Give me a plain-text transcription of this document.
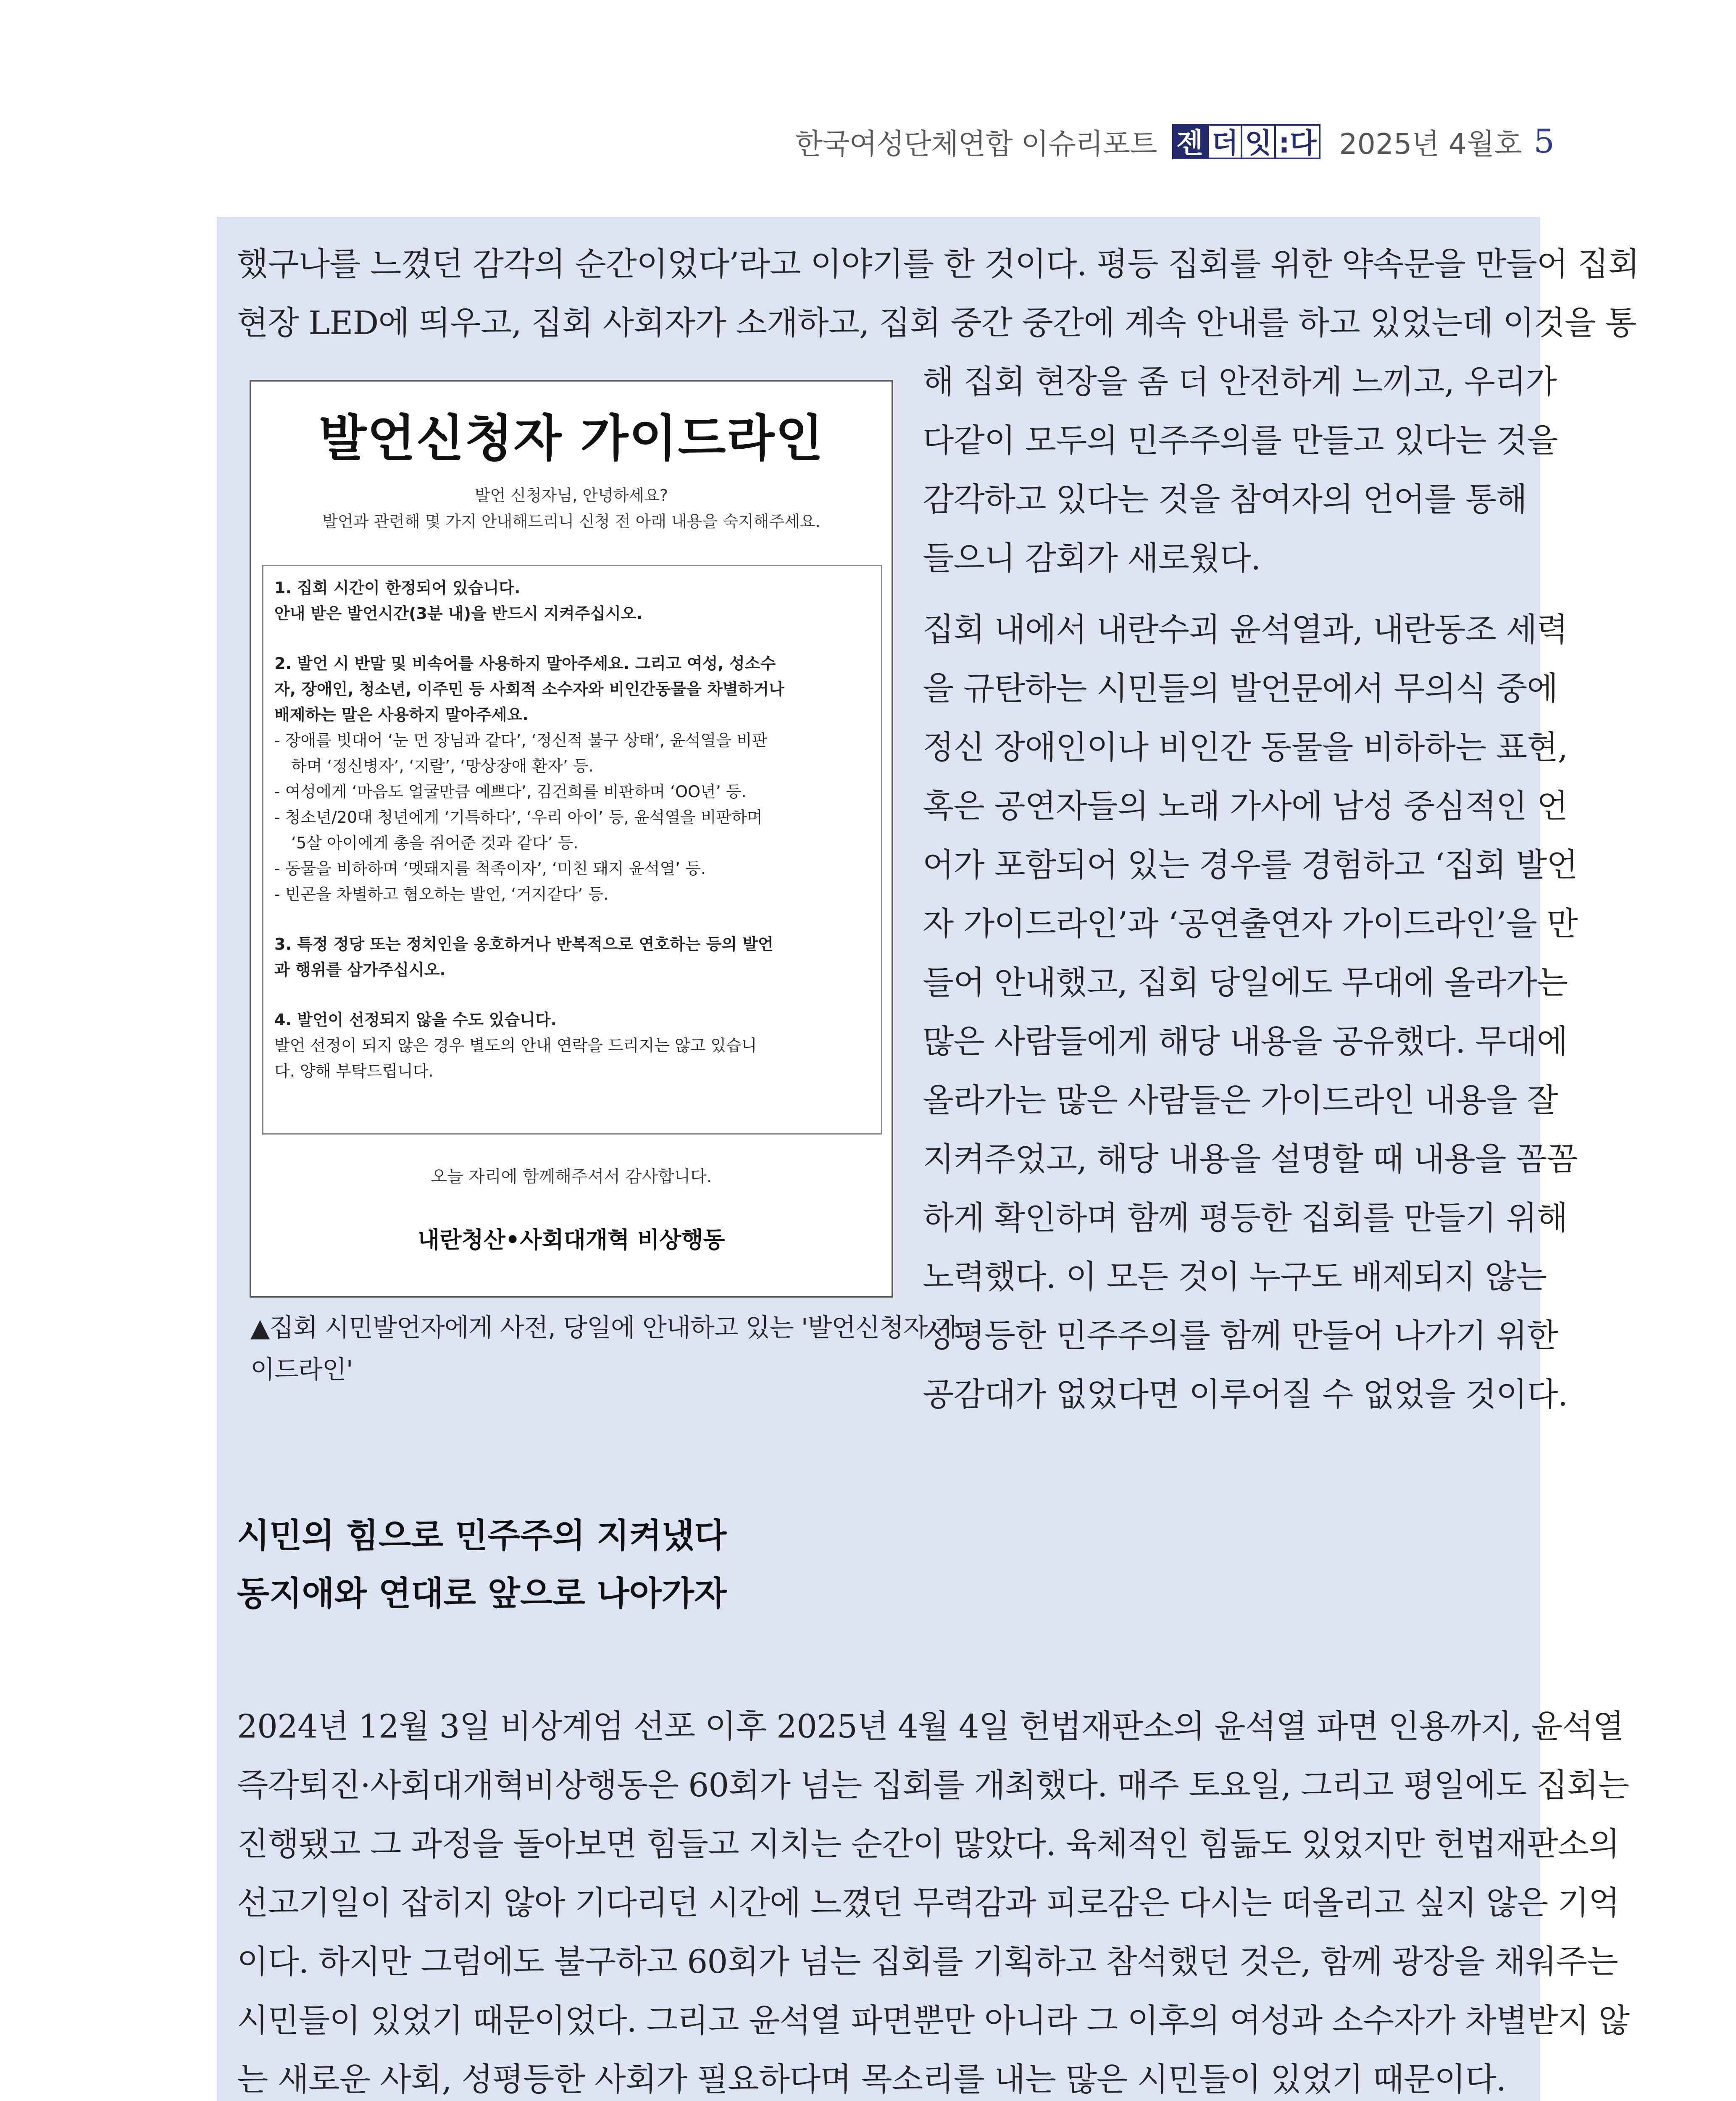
한국여성단체연합 이슈리포트 젠 더 잇 :다 2025년 4월호 5
했구나를 느꼈던 감각의 순간이었다’라고 이야기를 한 것이다. 평등 집회를 위한 약속문을 만들어 집회
현장 LED에 띄우고, 집회 사회자가 소개하고, 집회 중간 중간에 계속 안내를 하고 있었는데 이것을 통
해 집회 현장을 좀 더 안전하게 느끼고, 우리가
다같이 모두의 민주주의를 만들고 있다는 것을
감각하고 있다는 것을 참여자의 언어를 통해
들으니 감회가 새로웠다.
집회 내에서 내란수괴 윤석열과, 내란동조 세력
을 규탄하는 시민들의 발언문에서 무의식 중에
정신 장애인이나 비인간 동물을 비하하는 표현,
혹은 공연자들의 노래 가사에 남성 중심적인 언
어가 포함되어 있는 경우를 경험하고 ‘집회 발언
자 가이드라인’과 ‘공연출연자 가이드라인’을 만
들어 안내했고, 집회 당일에도 무대에 올라가는
많은 사람들에게 해당 내용을 공유했다. 무대에
올라가는 많은 사람들은 가이드라인 내용을 잘
지켜주었고, 해당 내용을 설명할 때 내용을 꼼꼼
하게 확인하며 함께 평등한 집회를 만들기 위해
노력했다. 이 모든 것이 누구도 배제되지 않는
성평등한 민주주의를 함께 만들어 나가기 위한
공감대가 없었다면 이루어질 수 없었을 것이다.
발언신청자 가이드라인
발언 신청자님, 안녕하세요?
발언과 관련해 몇 가지 안내해드리니 신청 전 아래 내용을 숙지해주세요.
1. 집회 시간이 한정되어 있습니다.
안내 받은 발언시간(3분 내)을 반드시 지켜주십시오.
2. 발언 시 반말 및 비속어를 사용하지 말아주세요. 그리고 여성, 성소수
자, 장애인, 청소년, 이주민 등 사회적 소수자와 비인간동물을 차별하거나
배제하는 말은 사용하지 말아주세요.
- 장애를 빗대어 ‘눈 먼 장님과 같다’, ‘정신적 불구 상태’, 윤석열을 비판
하며 ‘정신병자’, ‘지랄’, ‘망상장애 환자’ 등.
- 여성에게 ‘마음도 얼굴만큼 예쁘다’, 김건희를 비판하며 ‘OO년’ 등.
- 청소년/20대 청년에게 ‘기특하다’, ‘우리 아이’ 등, 윤석열을 비판하며
‘5살 아이에게 총을 쥐어준 것과 같다’ 등.
- 동물을 비하하며 ‘멧돼지를 척족이자’, ‘미친 돼지 윤석열’ 등.
- 빈곤을 차별하고 혐오하는 발언, ‘거지같다’ 등.
3. 특정 정당 또는 정치인을 옹호하거나 반복적으로 연호하는 등의 발언
과 행위를 삼가주십시오.
4. 발언이 선정되지 않을 수도 있습니다.
발언 선정이 되지 않은 경우 별도의 안내 연락을 드리지는 않고 있습니
다. 양해 부탁드립니다.
오늘 자리에 함께해주셔서 감사합니다.
내란청산•사회대개혁 비상행동
▲집회 시민발언자에게 사전, 당일에 안내하고 있는 '발언신청자 가
이드라인'
시민의 힘으로 민주주의 지켜냈다
동지애와 연대로 앞으로 나아가자
2024년 12월 3일 비상계엄 선포 이후 2025년 4월 4일 헌법재판소의 윤석열 파면 인용까지, 윤석열
즉각퇴진·사회대개혁비상행동은 60회가 넘는 집회를 개최했다. 매주 토요일, 그리고 평일에도 집회는
진행됐고 그 과정을 돌아보면 힘들고 지치는 순간이 많았다. 육체적인 힘듦도 있었지만 헌법재판소의
선고기일이 잡히지 않아 기다리던 시간에 느꼈던 무력감과 피로감은 다시는 떠올리고 싶지 않은 기억
이다. 하지만 그럼에도 불구하고 60회가 넘는 집회를 기획하고 참석했던 것은, 함께 광장을 채워주는
시민들이 있었기 때문이었다. 그리고 윤석열 파면뿐만 아니라 그 이후의 여성과 소수자가 차별받지 않
는 새로운 사회, 성평등한 사회가 필요하다며 목소리를 내는 많은 시민들이 있었기 때문이다.
